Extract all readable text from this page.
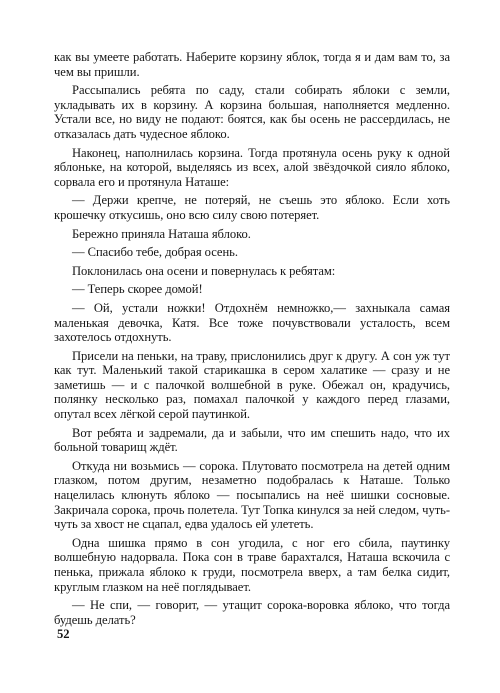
как вы умеете работать. Наберите корзину яблок, тогда я и дам вам то, за чем вы пришли.

Рассыпались ребята по саду, стали собирать яблоки с земли, укладывать их в корзину. А корзина большая, наполняется медленно. Устали все, но виду не подают: боятся, как бы осень не рассердилась, не отказалась дать чудесное яблоко.

Наконец, наполнилась корзина. Тогда протянула осень руку к одной яблоньке, на которой, выделяясь из всех, алой звёздочкой сияло яблоко, сорвала его и протянула Наташе:

— Держи крепче, не потеряй, не съешь это яблоко. Если хоть крошечку откусишь, оно всю силу свою потеряет.

Бережно приняла Наташа яблоко.

— Спасибо тебе, добрая осень.

Поклонилась она осени и повернулась к ребятам:

— Теперь скорее домой!

— Ой, устали ножки! Отдохнём немножко,— захныкала самая маленькая девочка, Катя. Все тоже почувствовали усталость, всем захотелось отдохнуть.

Присели на пеньки, на траву, прислонились друг к другу. А сон уж тут как тут. Маленький такой старикашка в сером халатике — сразу и не заметишь — и с палочкой волшебной в руке. Обежал он, крадучись, полянку несколько раз, помахал палочкой у каждого перед глазами, опутал всех лёгкой серой паутинкой.

Вот ребята и задремали, да и забыли, что им спешить надо, что их больной товарищ ждёт.

Откуда ни возьмись — сорока. Плутовато посмотрела на детей одним глазком, потом другим, незаметно подобралась к Наташе. Только нацелилась клюнуть яблоко — посыпались на неё шишки сосновые. Закричала сорока, прочь полетела. Тут Топка кинулся за ней следом, чуть-чуть за хвост не сцапал, едва удалось ей улететь.

Одна шишка прямо в сон угодила, с ног его сбила, паутинку волшебную надорвала. Пока сон в траве барахтался, Наташа вскочила с пенька, прижала яблоко к груди, посмотрела вверх, а там белка сидит, круглым глазком на неё поглядывает.

— Не спи, — говорит, — утащит сорока-воровка яблоко, что тогда будешь делать?

52
